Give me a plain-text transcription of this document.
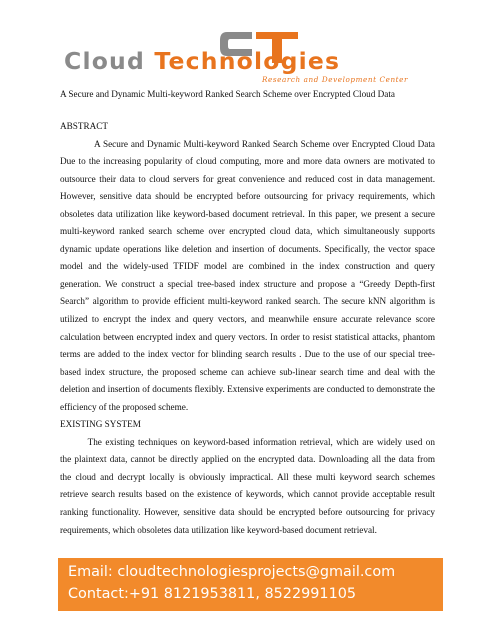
Cloud Technologies
Research and Development Center
A Secure and Dynamic Multi-keyword Ranked Search Scheme over Encrypted Cloud Data

ABSTRACT

A Secure and Dynamic Multi-keyword Ranked Search Scheme over Encrypted Cloud Data Due to the increasing popularity of cloud computing, more and more data owners are motivated to outsource their data to cloud servers for great convenience and reduced cost in data management. However, sensitive data should be encrypted before outsourcing for privacy requirements, which obsoletes data utilization like keyword-based document retrieval. In this paper, we present a secure multi-keyword ranked search scheme over encrypted cloud data, which simultaneously supports dynamic update operations like deletion and insertion of documents. Specifically, the vector space model and the widely-used TFIDF model are combined in the index construction and query generation. We construct a special tree-based index structure and propose a “Greedy Depth-first Search” algorithm to provide efficient multi-keyword ranked search. The secure kNN algorithm is utilized to encrypt the index and query vectors, and meanwhile ensure accurate relevance score calculation between encrypted index and query vectors. In order to resist statistical attacks, phantom terms are added to the index vector for blinding search results . Due to the use of our special tree-based index structure, the proposed scheme can achieve sub-linear search time and deal with the deletion and insertion of documents flexibly. Extensive experiments are conducted to demonstrate the efficiency of the proposed scheme.

EXISTING SYSTEM

The existing techniques on keyword-based information retrieval, which are widely used on the plaintext data, cannot be directly applied on the encrypted data. Downloading all the data from the cloud and decrypt locally is obviously impractical. All these multi keyword search schemes retrieve search results based on the existence of keywords, which cannot provide acceptable result ranking functionality. However, sensitive data should be encrypted before outsourcing for privacy requirements, which obsoletes data utilization like keyword-based document retrieval.

Email: cloudtechnologiesprojects@gmail.com
Contact:+91 8121953811, 8522991105
